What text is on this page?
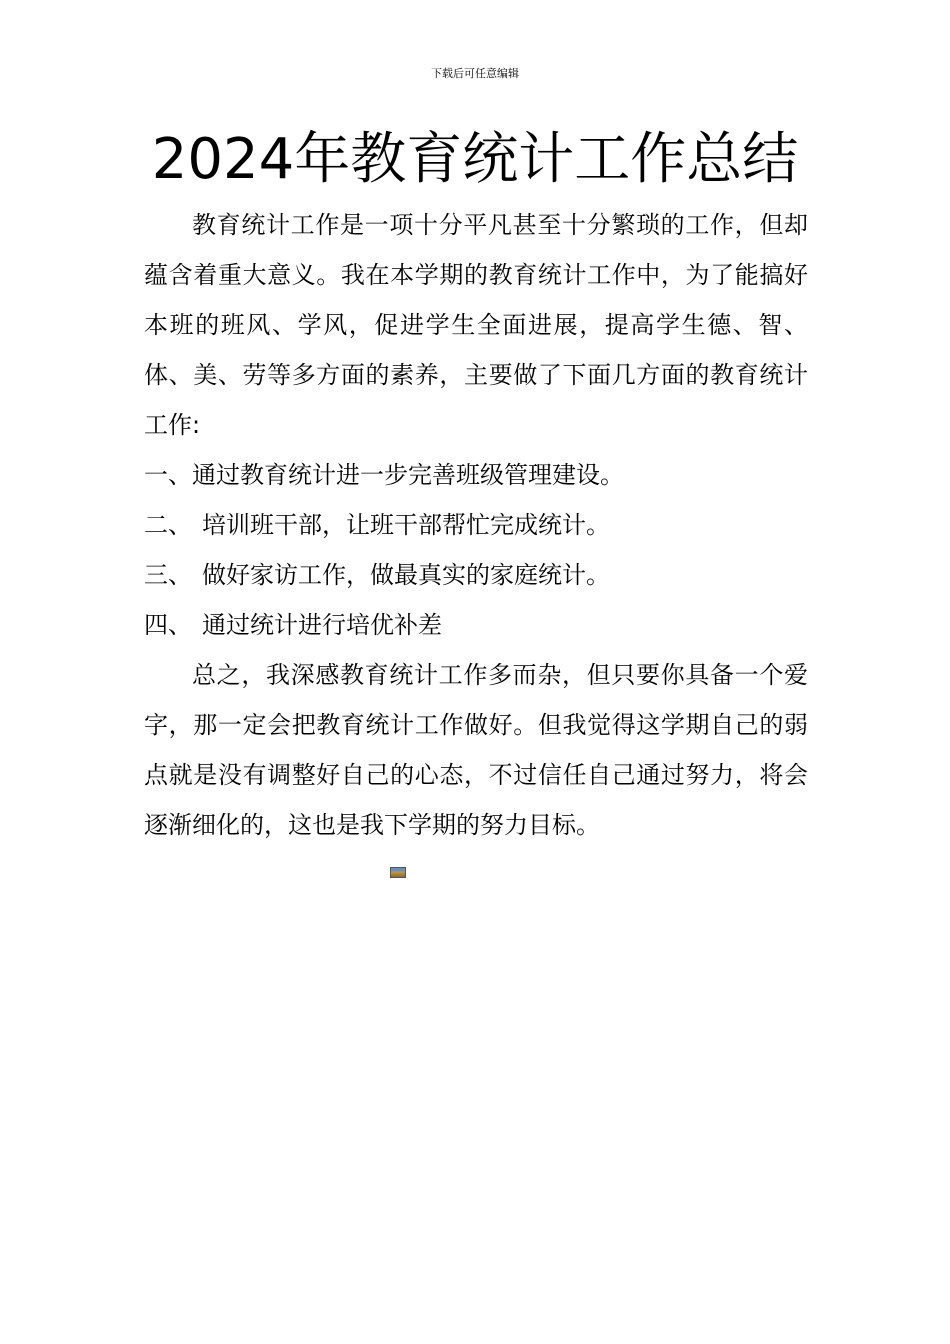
下载后可任意编辑
2024年教育统计工作总结

教育统计工作是一项十分平凡甚至十分繁琐的工作，但却蕴含着重大意义。我在本学期的教育统计工作中，为了能搞好本班的班风、学风，促进学生全面进展，提高学生德、智、体、美、劳等多方面的素养，主要做了下面几方面的教育统计工作:

一、通过教育统计进一步完善班级管理建设。

二、 培训班干部，让班干部帮忙完成统计。

三、 做好家访工作，做最真实的家庭统计。

四、 通过统计进行培优补差

总之，我深感教育统计工作多而杂，但只要你具备一个爱字，那一定会把教育统计工作做好。但我觉得这学期自己的弱点就是没有调整好自己的心态，不过信任自己通过努力，将会逐渐细化的，这也是我下学期的努力目标。
